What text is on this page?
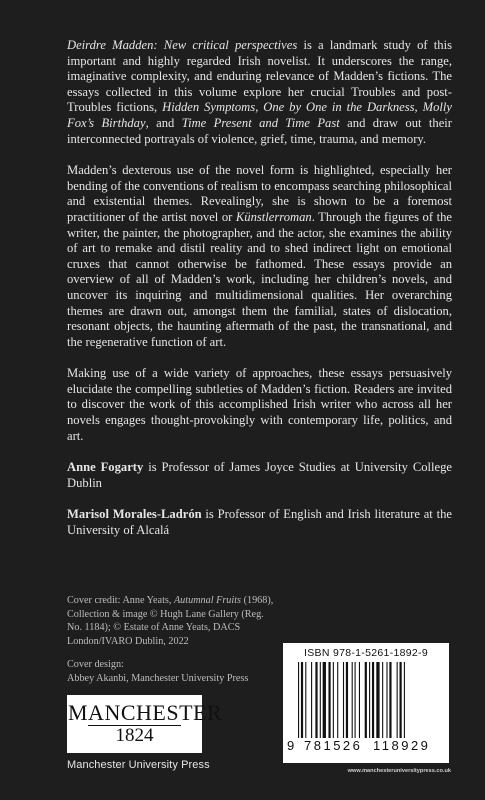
Deirdre Madden: New critical perspectives is a landmark study of this important and highly regarded Irish novelist. It underscores the range, imaginative complexity, and enduring relevance of Madden’s fictions. The essays collected in this volume explore her crucial Troubles and post-Troubles fictions, Hidden Symptoms, One by One in the Darkness, Molly Fox’s Birthday, and Time Present and Time Past and draw out their interconnected portrayals of violence, grief, time, trauma, and memory.

Madden’s dexterous use of the novel form is highlighted, especially her bending of the conventions of realism to encompass searching philosophical and existential themes. Revealingly, she is shown to be a foremost practitioner of the artist novel or Künstlerroman. Through the figures of the writer, the painter, the photographer, and the actor, she examines the ability of art to remake and distil reality and to shed indirect light on emotional cruxes that cannot otherwise be fathomed. These essays provide an overview of all of Madden’s work, including her children’s novels, and uncover its inquiring and multidimensional qualities. Her overarching themes are drawn out, amongst them the familial, states of dislocation, resonant objects, the haunting aftermath of the past, the transnational, and the regenerative function of art.

Making use of a wide variety of approaches, these essays persuasively elucidate the compelling subtleties of Madden’s fiction. Readers are invited to discover the work of this accomplished Irish writer who across all her novels engages thought-provokingly with contemporary life, politics, and art.

Anne Fogarty is Professor of James Joyce Studies at University College Dublin

Marisol Morales-Ladrón is Professor of English and Irish literature at the University of Alcalá

Cover credit: Anne Yeats, Autumnal Fruits (1968), Collection & image © Hugh Lane Gallery (Reg. No. 1184); © Estate of Anne Yeats, DACS London/IVARO Dublin, 2022

Cover design:
Abbey Akanbi, Manchester University Press

MANCHESTER
1824
Manchester University Press
ISBN 978-1-5261-1892-9
9 781526 118929
www.manchesteruniversitypress.co.uk
